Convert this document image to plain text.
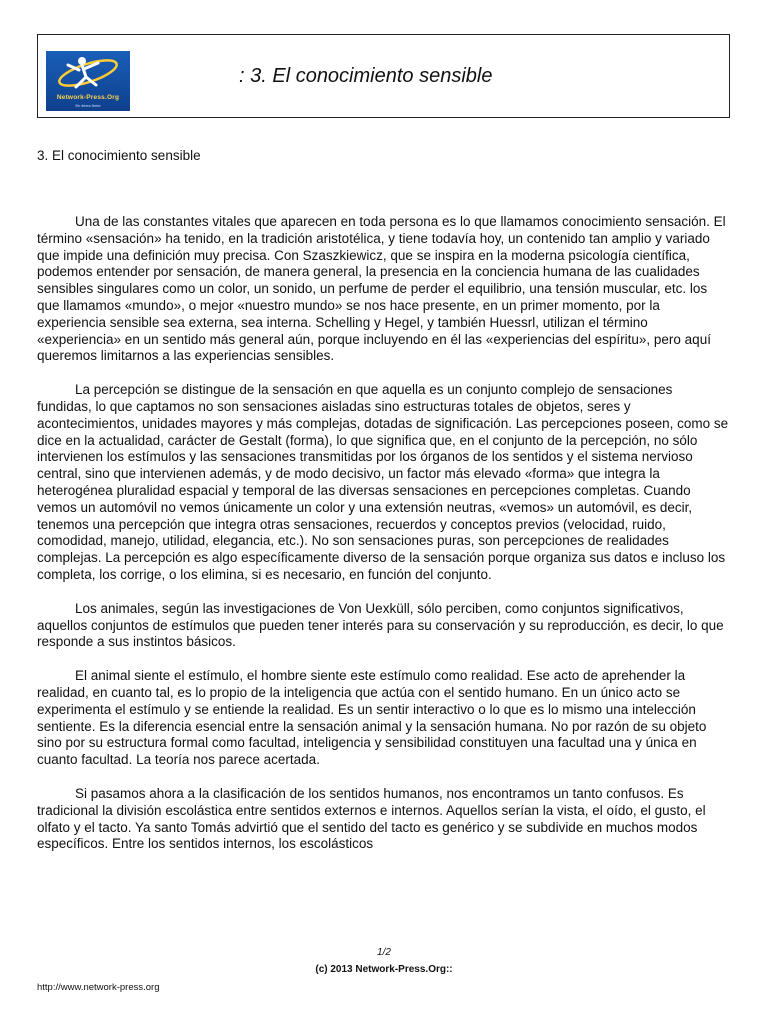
Network-Press.Org
En tierra firme
: 3. El conocimiento sensible
3. El conocimiento sensible

Una de las constantes vitales que aparecen en toda persona es lo que llamamos conocimiento sensación. El término «sensación» ha tenido, en la tradición aristotélica, y tiene todavía hoy, un contenido tan amplio y variado que impide una definición muy precisa. Con Szaszkiewicz, que se inspira en la moderna psicología científica, podemos entender por sensación, de manera general, la presencia en la conciencia humana de las cualidades sensibles singulares como un color, un sonido, un perfume de perder el equilibrio, una tensión muscular, etc. los que llamamos «mundo», o mejor «nuestro mundo» se nos hace presente, en un primer momento, por la experiencia sensible sea externa, sea interna. Schelling y Hegel, y también Huessrl, utilizan el término «experiencia» en un sentido más general aún, porque incluyendo en él las «experiencias del espíritu», pero aquí queremos limitarnos a las experiencias sensibles.

La percepción se distingue de la sensación en que aquella es un conjunto complejo de sensaciones fundidas, lo que captamos no son sensaciones aisladas sino estructuras totales de objetos, seres y acontecimientos, unidades mayores y más complejas, dotadas de significación. Las percepciones poseen, como se dice en la actualidad, carácter de Gestalt (forma), lo que significa que, en el conjunto de la percepción, no sólo intervienen los estímulos y las sensaciones transmitidas por los órganos de los sentidos y el sistema nervioso central, sino que intervienen además, y de modo decisivo, un factor más elevado «forma» que integra la heterogénea pluralidad espacial y temporal de las diversas sensaciones en percepciones completas. Cuando vemos un automóvil no vemos únicamente un color y una extensión neutras, «vemos» un automóvil, es decir, tenemos una percepción que integra otras sensaciones, recuerdos y conceptos previos (velocidad, ruido, comodidad, manejo, utilidad, elegancia, etc.). No son sensaciones puras, son percepciones de realidades complejas. La percepción es algo específicamente diverso de la sensación porque organiza sus datos e incluso los completa, los corrige, o los elimina, si es necesario, en función del conjunto.

Los animales, según las investigaciones de Von Uexküll, sólo perciben, como conjuntos significativos, aquellos conjuntos de estímulos que pueden tener interés para su conservación y su reproducción, es decir, lo que responde a sus instintos básicos.

El animal siente el estímulo, el hombre siente este estímulo como realidad. Ese acto de aprehender la realidad, en cuanto tal, es lo propio de la inteligencia que actúa con el sentido humano. En un único acto se experimenta el estímulo y se entiende la realidad. Es un sentir interactivo o lo que es lo mismo una intelección sentiente. Es la diferencia esencial entre la sensación animal y la sensación humana. No por razón de su objeto sino por su estructura formal como facultad, inteligencia y sensibilidad constituyen una facultad una y única en cuanto facultad. La teoría nos parece acertada.

Si pasamos ahora a la clasificación de los sentidos humanos, nos encontramos un tanto confusos. Es tradicional la división escolástica entre sentidos externos e internos. Aquellos serían la vista, el oído, el gusto, el olfato y el tacto. Ya santo Tomás advirtió que el sentido del tacto es genérico y se subdivide en muchos modos específicos. Entre los sentidos internos, los escolásticos

1/2
(c) 2013 Network-Press.Org::
http://www.network-press.org
